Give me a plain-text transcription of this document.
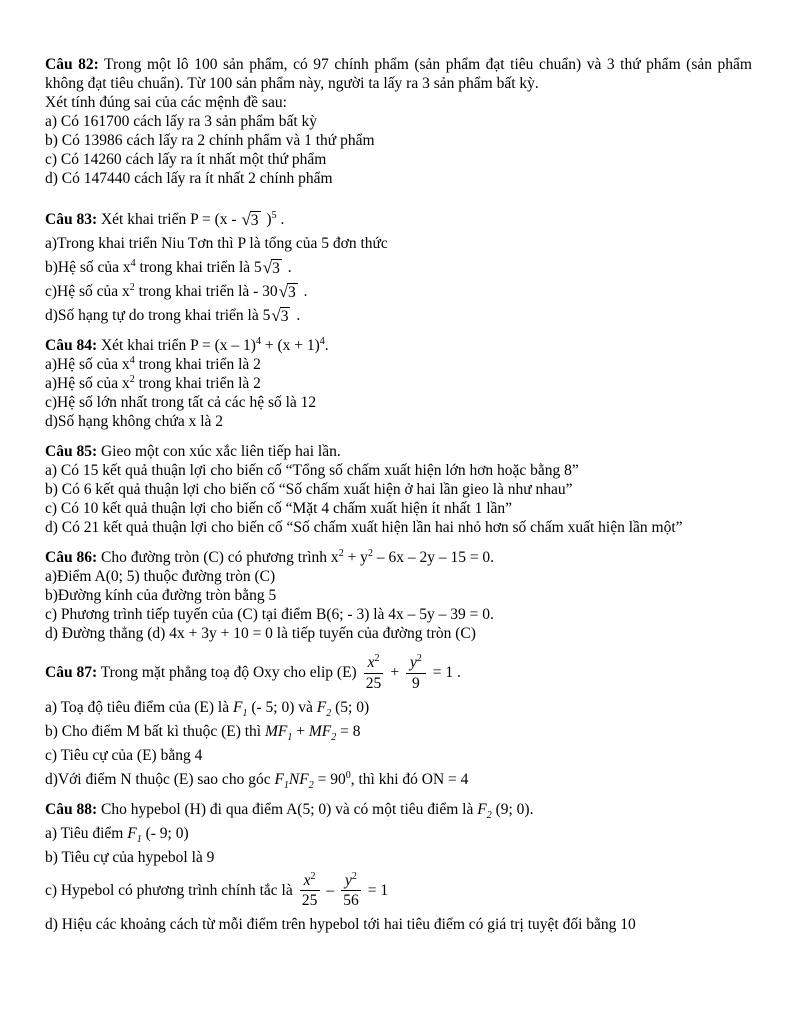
Câu 82: Trong một lô 100 sản phẩm, có 97 chính phẩm (sản phẩm đạt tiêu chuẩn) và 3 thứ phẩm (sản phẩm không đạt tiêu chuẩn). Từ 100 sản phẩm này, người ta lấy ra 3 sản phẩm bất kỳ.
Xét tính đúng sai của các mệnh đề sau:
a) Có 161700 cách lấy ra 3 sản phẩm bất kỳ
b) Có 13986 cách lấy ra 2 chính phẩm và 1 thứ phẩm
c) Có 14260 cách lấy ra ít nhất một thứ phẩm
d) Có 147440 cách lấy ra ít nhất 2 chính phẩm
Câu 83: Xét khai triển P = (x - √ 3 )$^5$ .
a)Trong khai triển Niu Tơn thì P là tổng của 5 đơn thức
b)Hệ số của $x^4$ trong khai triển là 5 √ 3 .
c)Hệ số của $x^2$ trong khai triển là - 30 √ 3 .
d)Số hạng tự do trong khai triển là 5 √ 3 .
Câu 84: Xét khai triển $P = (x - 1)^4 + (x + 1)^4$.
a)Hệ số của $x^4$ trong khai triển là 2
a)Hệ số của $x^2$ trong khai triển là 2
c)Hệ số lớn nhất trong tất cả các hệ số là 12
d)Số hạng không chứa x là 2
Câu 85: Gieo một con xúc xắc liên tiếp hai lần.
a) Có 15 kết quả thuận lợi cho biến cố “Tổng số chấm xuất hiện lớn hơn hoặc bằng 8”
b) Có 6 kết quả thuận lợi cho biến cố “Số chấm xuất hiện ở hai lần gieo là như nhau”
c) Có 10 kết quả thuận lợi cho biến cố “Mặt 4 chấm xuất hiện ít nhất 1 lần”
d) Có 21 kết quả thuận lợi cho biến cố “Số chấm xuất hiện lần hai nhỏ hơn số chấm xuất hiện lần một”
Câu 86: Cho đường tròn (C) có phương trình $x^2 + y^2 - 6x - 2y - 15 = 0$.
a)Điểm A(0; 5) thuộc đường tròn (C)
b)Đường kính của đường tròn bằng 5
c) Phương trình tiếp tuyến của (C) tại điểm B(6; - 3) là 4x – 5y – 39 = 0.
d) Đường thẳng (d) 4x + 3y + 10 = 0 là tiếp tuyến của đường tròn (C)
Câu 87: Trong mặt phẳng toạ độ Oxy cho elip $(E) \frac{x^2}{25} + \frac{y^2}{9} = 1$ .
a) Toạ độ tiêu điểm của (E) là $F_1$ (- 5; 0) và $F_2$ (5; 0)
b) Cho điểm M bất kì thuộc (E) thì $MF_1 + MF_2 = 8$
c) Tiêu cự của (E) bằng 4
d)Với điểm N thuộc (E) sao cho góc $F_1NF_2 = 90^0$, thì khi đó ON = 4
Câu 88: Cho hypebol (H) đi qua điểm A(5; 0) và có một tiêu điểm là $F_2$ (9; 0).
a) Tiêu điểm $F_1$ (- 9; 0)
b) Tiêu cự của hypebol là 9
c) Hypebol có phương trình chính tắc là $\frac{x^2}{25} - \frac{y^2}{56} = 1$
d) Hiệu các khoảng cách từ mỗi điểm trên hypebol tới hai tiêu điểm có giá trị tuyệt đối bằng 10
